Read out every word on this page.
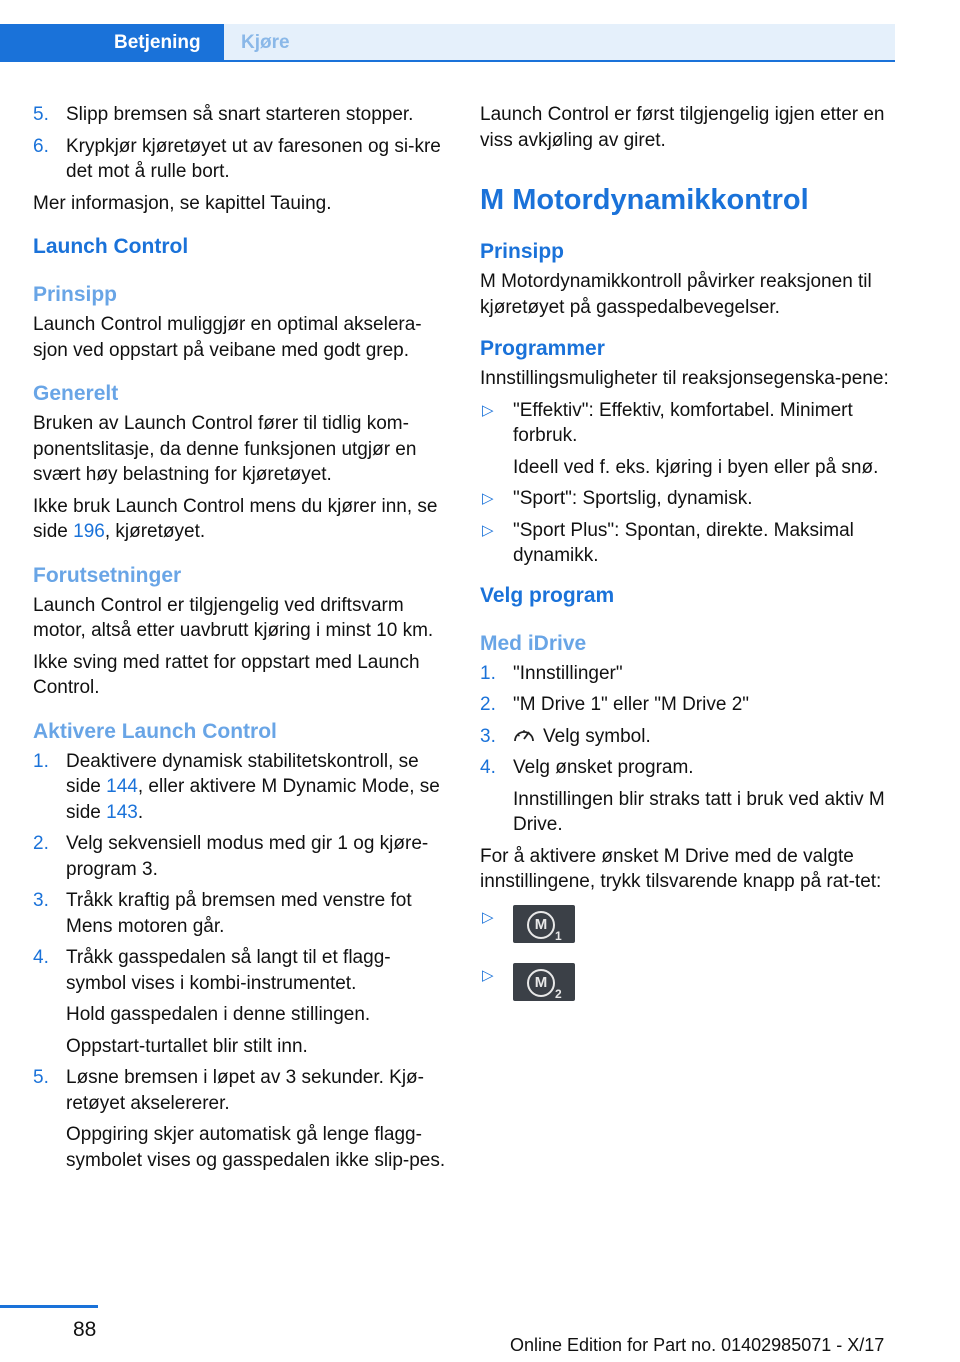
Betjening Kjøre
5. Slipp bremsen så snart starteren stopper.
6. Krypkjør kjøretøyet ut av faresonen og si-kre det mot å rulle bort.

Mer informasjon, se kapittel Tauing.

Launch Control
Prinsipp

Launch Control muliggjør en optimal akselera-sjon ved oppstart på veibane med godt grep.

Generelt

Bruken av Launch Control fører til tidlig kom-ponentslitasje, da denne funksjonen utgjør en svært høy belastning for kjøretøyet.

Ikke bruk Launch Control mens du kjører inn, se side 196, kjøretøyet.

Forutsetninger

Launch Control er tilgjengelig ved driftsvarm motor, altså etter uavbrutt kjøring i minst 10 km.

Ikke sving med rattet for oppstart med Launch Control.

Aktivere Launch Control
1. Deaktivere dynamisk stabilitetskontroll, se side 144, eller aktivere M Dynamic Mode, se side 143.
2. Velg sekvensiell modus med gir 1 og kjøre-program 3.
3. Tråkk kraftig på bremsen med venstre fot Mens motoren går.
4. Tråkk gasspedalen så langt til et flagg-symbol vises i kombi-instrumentet.

Hold gasspedalen i denne stillingen.

Oppstart-turtallet blir stilt inn.

5. Løsne bremsen i løpet av 3 sekunder. Kjø-retøyet akselererer.

Oppgiring skjer automatisk gå lenge flagg-symbolet vises og gasspedalen ikke slip-pes.

Launch Control er først tilgjengelig igjen etter en viss avkjøling av giret.

M Motordynamikkontrol
Prinsipp

M Motordynamikkontroll påvirker reaksjonen til kjøretøyet på gasspedalbevegelser.

Programmer

Innstillingsmuligheter til reaksjonsegenska-pene:

▷ "Effektiv": Effektiv, komfortabel. Minimert forbruk.

Ideell ved f. eks. kjøring i byen eller på snø.

▷ "Sport": Sportslig, dynamisk.
▷ "Sport Plus": Spontan, direkte. Maksimal dynamikk.
Velg program
Med iDrive
1. "Innstillinger"
2. "M Drive 1" eller "M Drive 2"
3. Velg symbol.
4. Velg ønsket program.

Innstillingen blir straks tatt i bruk ved aktiv M Drive.

For å aktivere ønsket M Drive med de valgte innstillingene, trykk tilsvarende knapp på rat-tet:

▷	M
1
▷	M
2
88
Online Edition for Part no. 01402985071 - X/17
